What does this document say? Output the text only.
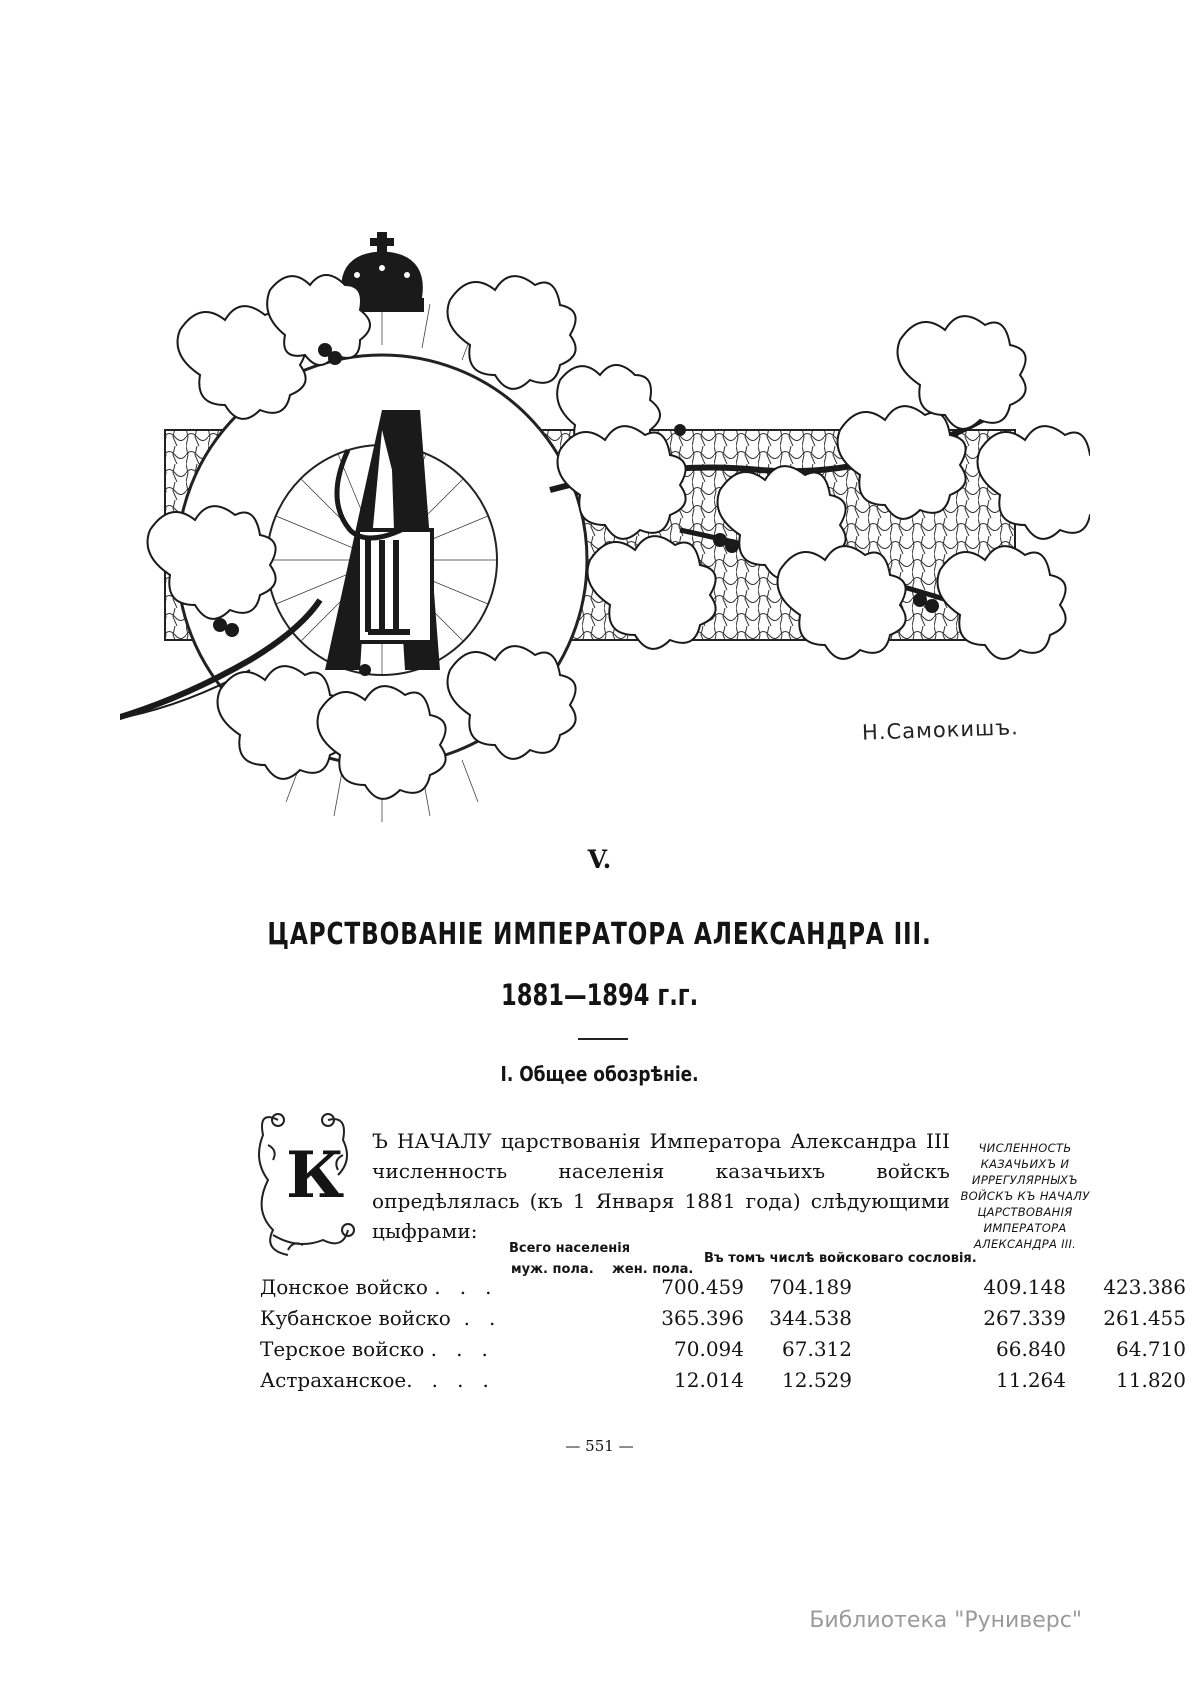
Н.Самокишъ.
V.
ЦАРСТВОВАНІЕ ИМПЕРАТОРА АЛЕКСАНДРА III.
1881—1894 г.г.
I. Общее обозрѣніе.
К Ъ НАЧАЛУ царствованія Императора Александра III численность населенія казачьихъ войскъ опредѣлялась (къ 1 Января 1881 года) слѣдующими цыфрами:
ЧИСЛЕННОСТЬ КАЗАЧЬИХЪ И ИРРЕГУЛЯРНЫХЪ ВОЙСКЪ КЪ НАЧАЛУ ЦАРСТВОВАНІЯ ИМПЕРАТОРА АЛЕКСАНДРА III.
Всего населенія
муж. пола. жен. пола.
Въ томъ числѣ войсковаго сословія.
Донское войско .   .   .	700.459	704.189	409.148	423.386
Кубанское войско  .   .	365.396	344.538	267.339	261.455
Терское войско .   .   .	70.094	67.312	66.840	64.710
Астраханское.   .   .   .	12.014	12.529	11.264	11.820
— 551 —
Библиотека "Руниверс"
